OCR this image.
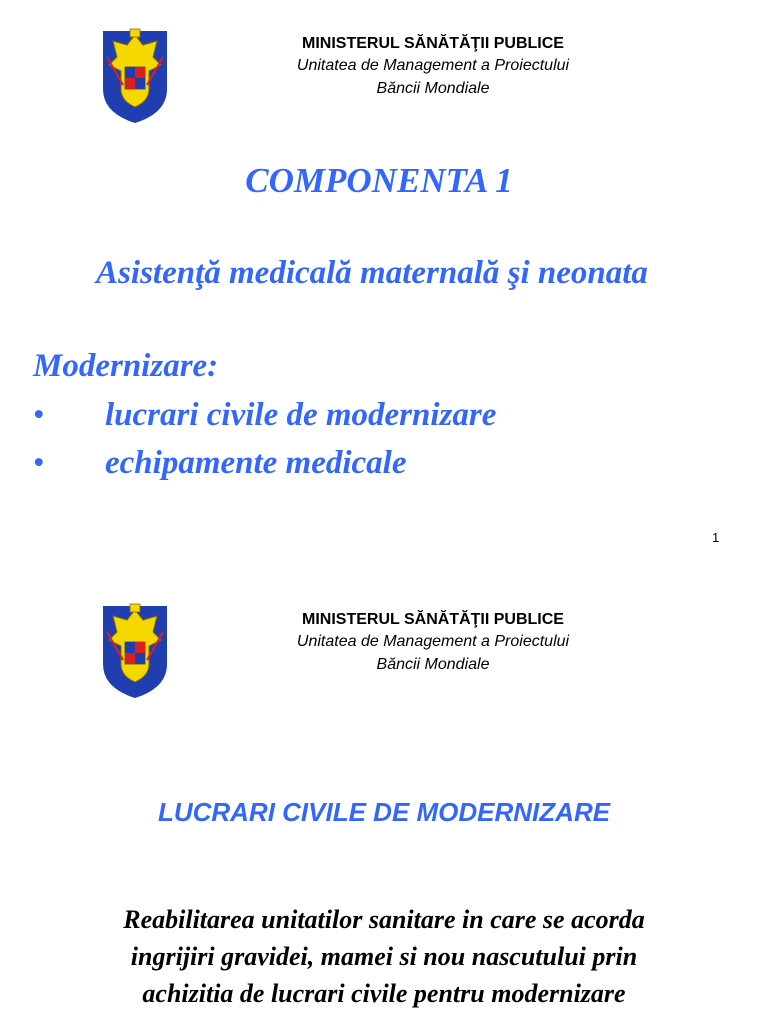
MINISTERUL SĂNĂTĂŢII PUBLICE
Unitatea de Management a Proiectului
Băncii Mondiale
COMPONENTA 1
Asistenţă medicală maternală şi neonata
Modernizare:
• lucrari civile de modernizare
• echipamente medicale
1
MINISTERUL SĂNĂTĂŢII PUBLICE
Unitatea de Management a Proiectului
Băncii Mondiale
LUCRARI CIVILE DE MODERNIZARE
Reabilitarea unitatilor sanitare in care se acorda
ingrijiri gravidei, mamei si nou nascutului prin
achizitia de lucrari civile pentru modernizare
